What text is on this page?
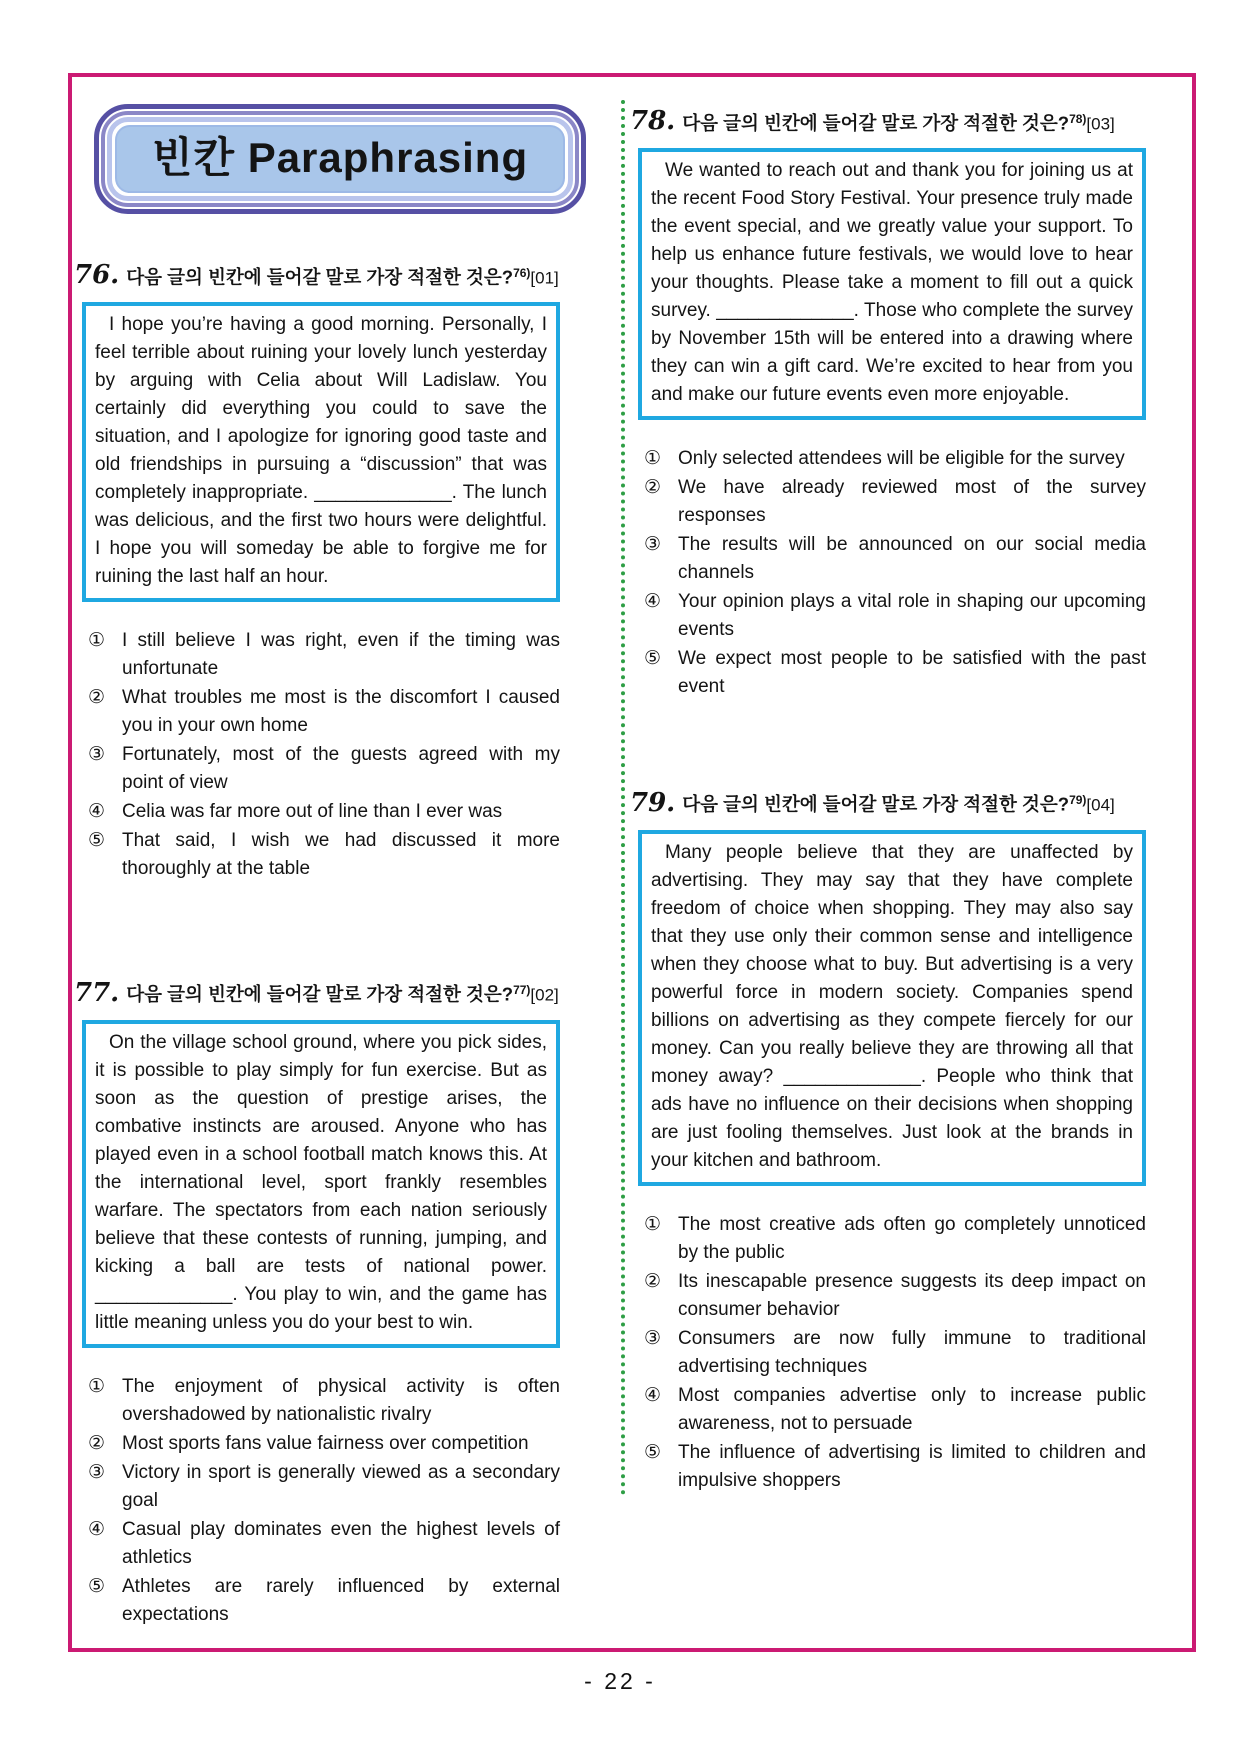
빈칸 Paraphrasing
76. 다음 글의 빈칸에 들어갈 말로 가장 적절한 것은?$^{76)}$[01]
I hope you’re having a good morning. Personally, I feel terrible about ruining your lovely lunch yesterday by arguing with Celia about Will Ladislaw. You certainly did everything you could to save the situation, and I apologize for ignoring good taste and old friendships in pursuing a “discussion” that was completely inappropriate. _____________. The lunch was delicious, and the first two hours were delightful. I hope you will someday be able to forgive me for ruining the last half an hour.
① I still believe I was right, even if the timing was unfortunate
② What troubles me most is the discomfort I caused you in your own home
③ Fortunately, most of the guests agreed with my point of view
④ Celia was far more out of line than I ever was
⑤ That said, I wish we had discussed it more thoroughly at the table
77. 다음 글의 빈칸에 들어갈 말로 가장 적절한 것은?$^{77)}$[02]
On the village school ground, where you pick sides, it is possible to play simply for fun exercise. But as soon as the question of prestige arises, the combative instincts are aroused. Anyone who has played even in a school football match knows this. At the international level, sport frankly resembles warfare. The spectators from each nation seriously believe that these contests of running, jumping, and kicking a ball are tests of national power. _____________. You play to win, and the game has little meaning unless you do your best to win.
① The enjoyment of physical activity is often overshadowed by nationalistic rivalry
② Most sports fans value fairness over competition
③ Victory in sport is generally viewed as a secondary goal
④ Casual play dominates even the highest levels of athletics
⑤ Athletes are rarely influenced by external expectations
78. 다음 글의 빈칸에 들어갈 말로 가장 적절한 것은?$^{78)}$[03]
We wanted to reach out and thank you for joining us at the recent Food Story Festival. Your presence truly made the event special, and we greatly value your support. To help us enhance future festivals, we would love to hear your thoughts. Please take a moment to fill out a quick survey. _____________. Those who complete the survey by November 15th will be entered into a drawing where they can win a gift card. We’re excited to hear from you and make our future events even more enjoyable.
① Only selected attendees will be eligible for the survey
② We have already reviewed most of the survey responses
③ The results will be announced on our social media channels
④ Your opinion plays a vital role in shaping our upcoming events
⑤ We expect most people to be satisfied with the past event
79. 다음 글의 빈칸에 들어갈 말로 가장 적절한 것은?$^{79)}$[04]
Many people believe that they are unaffected by advertising. They may say that they have complete freedom of choice when shopping. They may also say that they use only their common sense and intelligence when they choose what to buy. But advertising is a very powerful force in modern society. Companies spend billions on advertising as they compete fiercely for our money. Can you really believe they are throwing all that money away? _____________. People who think that ads have no influence on their decisions when shopping are just fooling themselves. Just look at the brands in your kitchen and bathroom.
① The most creative ads often go completely unnoticed by the public
② Its inescapable presence suggests its deep impact on consumer behavior
③ Consumers are now fully immune to traditional advertising techniques
④ Most companies advertise only to increase public awareness, not to persuade
⑤ The influence of advertising is limited to children and impulsive shoppers
- 22 -
